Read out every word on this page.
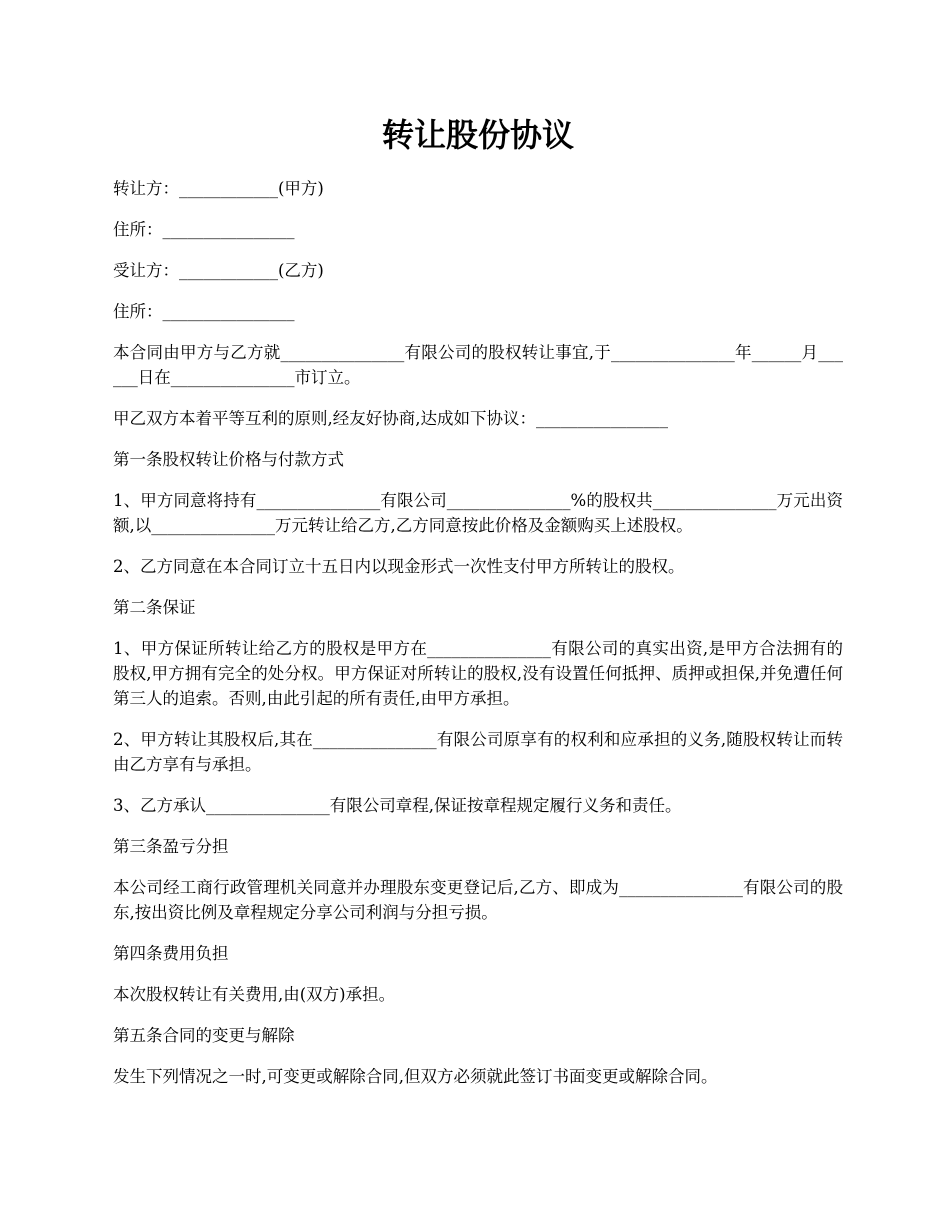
转让股份协议

转让方：____________(甲方)

住所：________________

受让方：____________(乙方)

住所：________________

本合同由甲方与乙方就_______________有限公司的股权转让事宜,于_______________年______月______日在_______________市订立。

甲乙双方本着平等互利的原则,经友好协商,达成如下协议：________________

第一条股权转让价格与付款方式

1、甲方同意将持有_______________有限公司_______________%的股权共_______________万元出资额,以_______________万元转让给乙方,乙方同意按此价格及金额购买上述股权。

2、乙方同意在本合同订立十五日内以现金形式一次性支付甲方所转让的股权。

第二条保证

1、甲方保证所转让给乙方的股权是甲方在_______________有限公司的真实出资,是甲方合法拥有的股权,甲方拥有完全的处分权。甲方保证对所转让的股权,没有设置任何抵押、质押或担保,并免遭任何第三人的追索。否则,由此引起的所有责任,由甲方承担。

2、甲方转让其股权后,其在_______________有限公司原享有的权利和应承担的义务,随股权转让而转由乙方享有与承担。

3、乙方承认_______________有限公司章程,保证按章程规定履行义务和责任。

第三条盈亏分担

本公司经工商行政管理机关同意并办理股东变更登记后,乙方、即成为_______________有限公司的股东,按出资比例及章程规定分享公司利润与分担亏损。

第四条费用负担

本次股权转让有关费用,由(双方)承担。

第五条合同的变更与解除

发生下列情况之一时,可变更或解除合同,但双方必须就此签订书面变更或解除合同。
